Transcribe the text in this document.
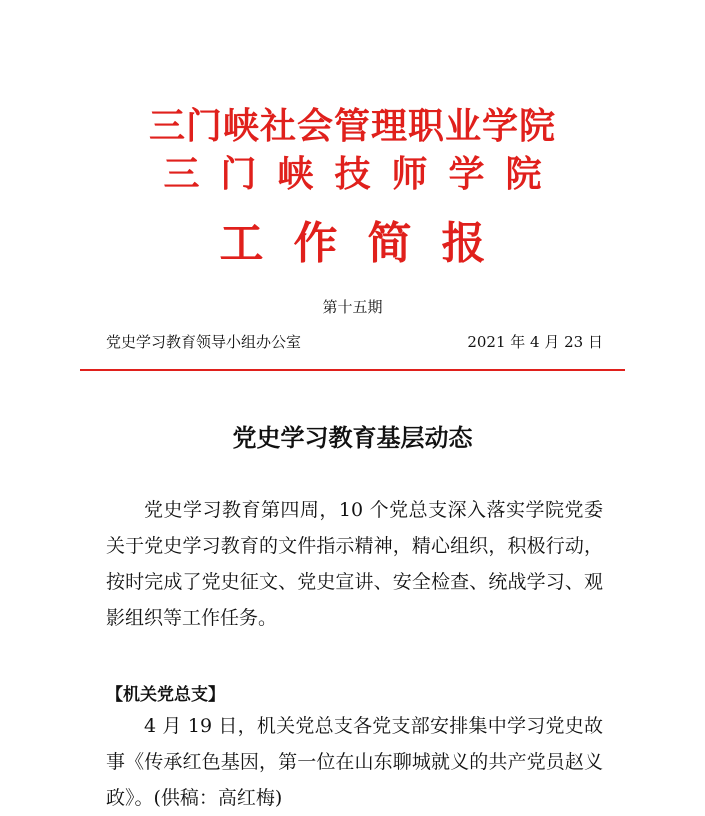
三门峡社会管理职业学院
三门峡技师学院
工作简报
第十五期
党史学习教育领导小组办公室	2021 年 4 月 23 日
党史学习教育基层动态

党史学习教育第四周，10 个党总支深入落实学院党委关于党史学习教育的文件指示精神，精心组织，积极行动，按时完成了党史征文、党史宣讲、安全检查、统战学习、观影组织等工作任务。

【机关党总支】

4 月 19 日，机关党总支各党支部安排集中学习党史故事《传承红色基因，第一位在山东聊城就义的共产党员赵义政》。(供稿：高红梅)
